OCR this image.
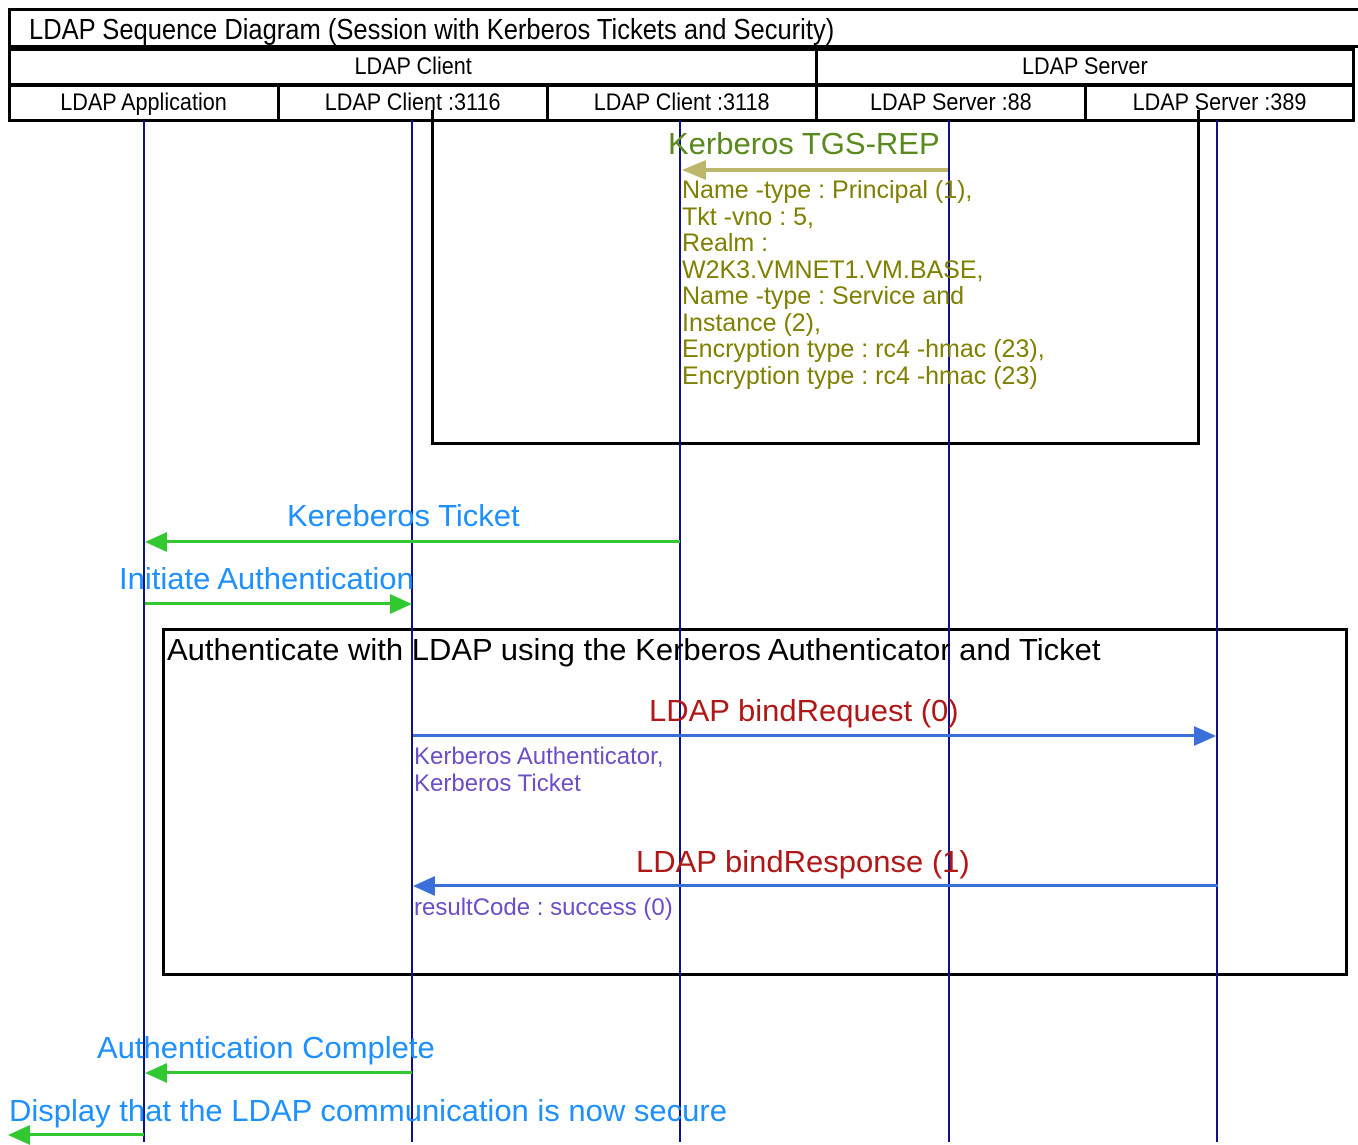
LDAP Sequence Diagram (Session with Kerberos Tickets and Security)
LDAP Client	LDAP Server
LDAP Application	LDAP Client :3116	LDAP Client :3118	LDAP Server :88	LDAP Server :389
Kerberos TGS-REP
Name -type : Principal (1),
Tkt -vno : 5,
Realm :
W2K3.VMNET1.VM.BASE,
Name -type : Service and
Instance (2),
Encryption type : rc4 -hmac (23),
Encryption type : rc4 -hmac (23)
Kereberos Ticket
Initiate Authentication
Authenticate with LDAP using the Kerberos Authenticator and Ticket
LDAP bindRequest (0)
Kerberos Authenticator,
Kerberos Ticket
LDAP bindResponse (1)
resultCode : success (0)
Authentication Complete
Display that the LDAP communication is now secure
